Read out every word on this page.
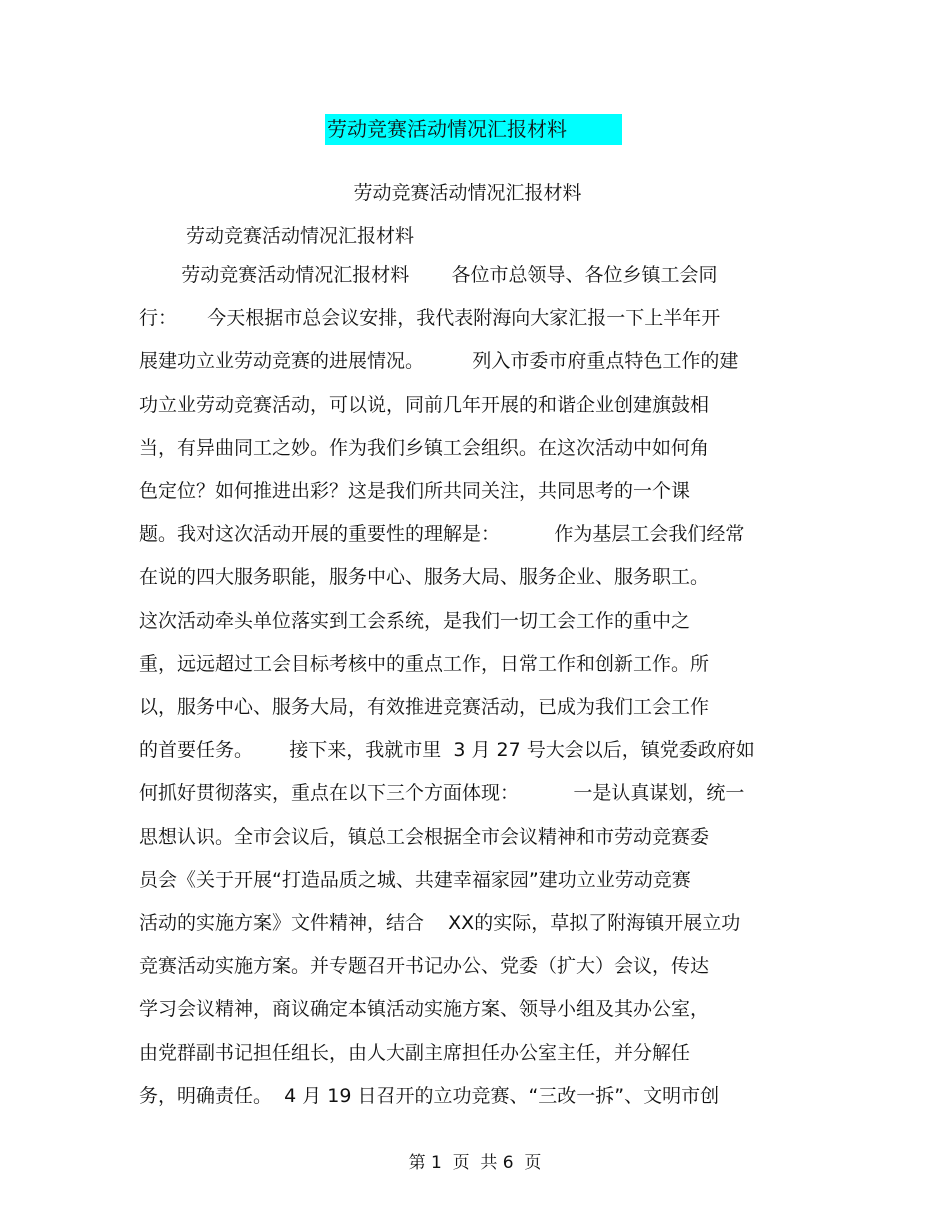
劳动竞赛活动情况汇报材料
劳动竞赛活动情况汇报材料
劳动竞赛活动情况汇报材料
劳动竞赛活动情况汇报材料       各位市总领导、各位乡镇工会同
行：     今天根据市总会议安排，我代表附海向大家汇报一下上半年开
展建功立业劳动竞赛的进展情况。        列入市委市府重点特色工作的建
功立业劳动竞赛活动，可以说，同前几年开展的和谐企业创建旗鼓相
当，有异曲同工之妙。作为我们乡镇工会组织。在这次活动中如何角
色定位？如何推进出彩？这是我们所共同关注，共同思考的一个课
题。我对这次活动开展的重要性的理解是：         作为基层工会我们经常
在说的四大服务职能，服务中心、服务大局、服务企业、服务职工。
这次活动牵头单位落实到工会系统，是我们一切工会工作的重中之
重，远远超过工会目标考核中的重点工作，日常工作和创新工作。所
以，服务中心、服务大局，有效推进竞赛活动，已成为我们工会工作
的首要任务。      接下来，我就市里  3 月 27 号大会以后，镇党委政府如
何抓好贯彻落实，重点在以下三个方面体现：         一是认真谋划，统一
思想认识。全市会议后，镇总工会根据全市会议精神和市劳动竞赛委
员会《关于开展“打造品质之城、共建幸福家园”建功立业劳动竞赛
活动的实施方案》文件精神，结合    XX的实际，草拟了附海镇开展立功
竞赛活动实施方案。并专题召开书记办公、党委（扩大）会议，传达
学习会议精神，商议确定本镇活动实施方案、领导小组及其办公室，
由党群副书记担任组长，由人大副主席担任办公室主任，并分解任
务，明确责任。  4 月 19 日召开的立功竞赛、“三改一拆”、文明市创
第 1  页  共 6  页
